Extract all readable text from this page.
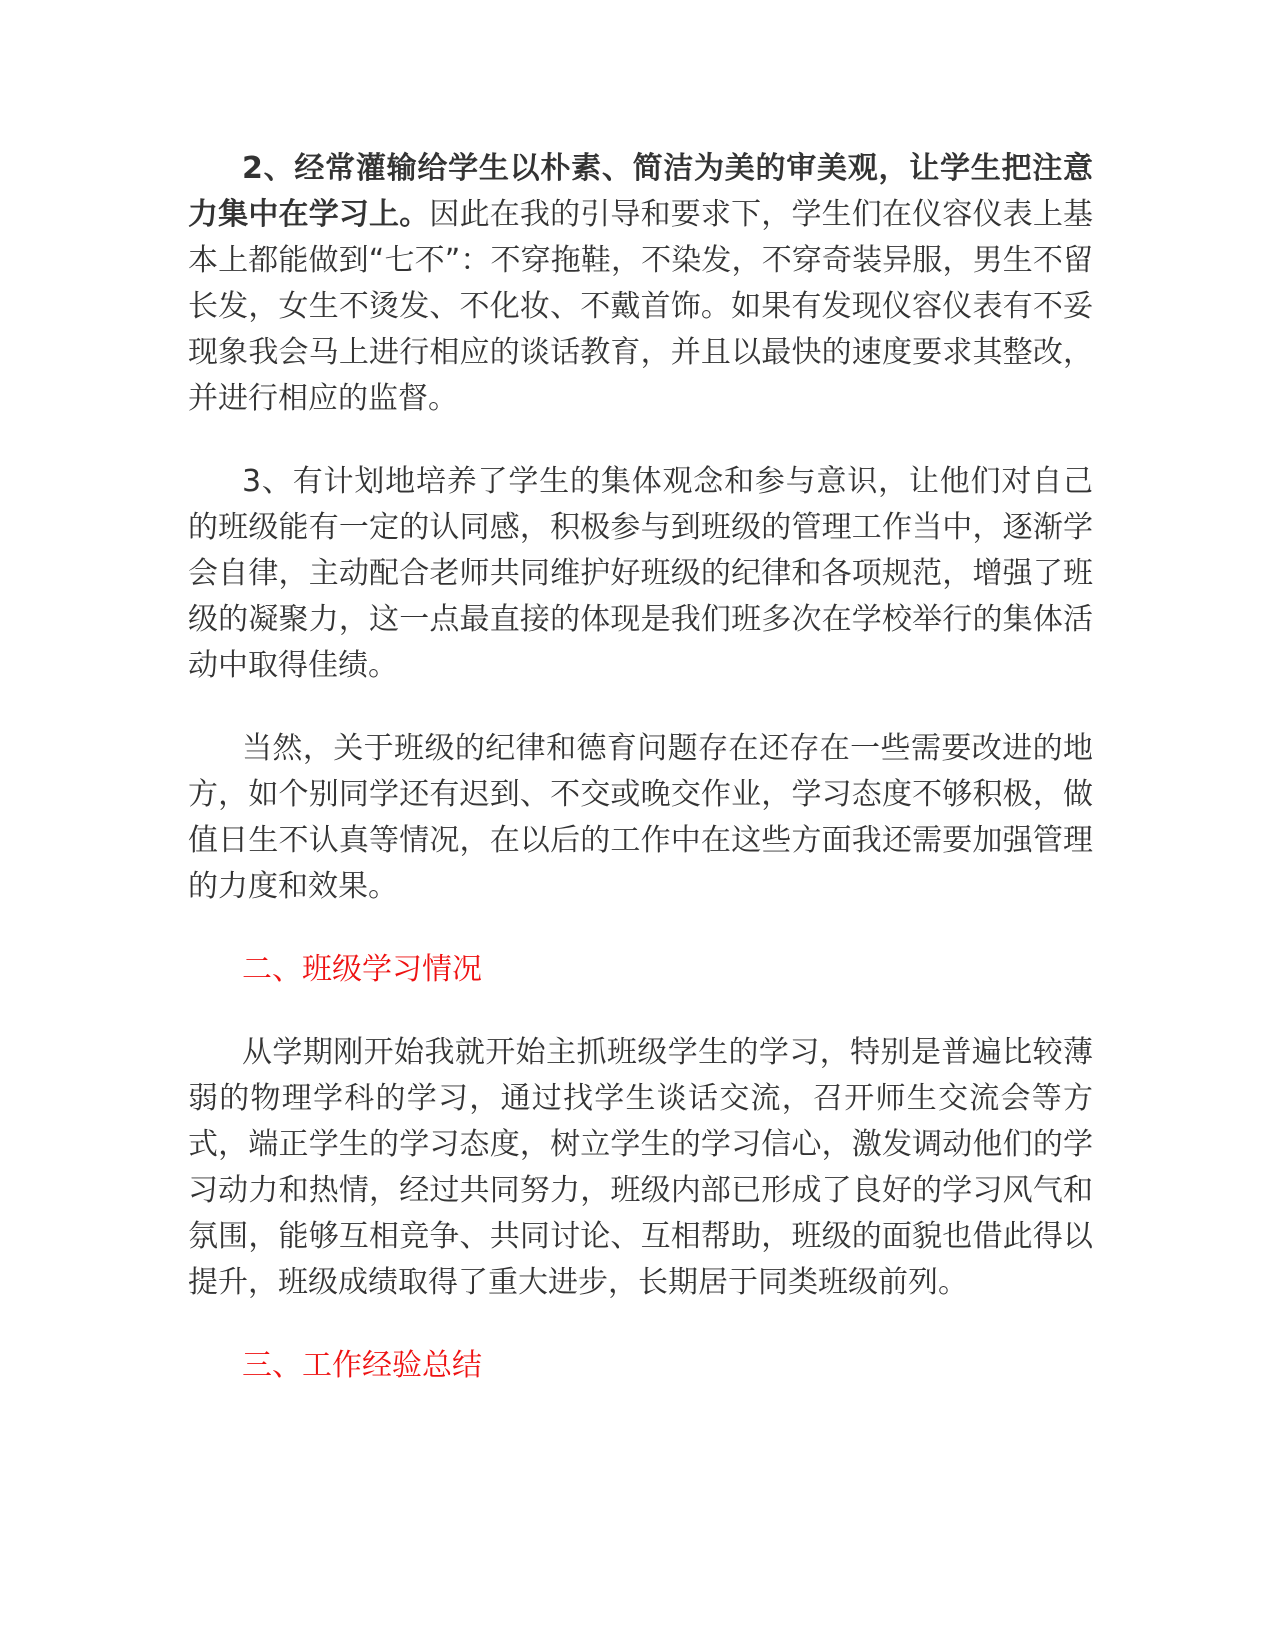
2、经常灌输给学生以朴素、简洁为美的审美观，让学生把注意力集中在学习上。因此在我的引导和要求下，学生们在仪容仪表上基本上都能做到“七不”：不穿拖鞋，不染发，不穿奇装异服，男生不留长发，女生不烫发、不化妆、不戴首饰。如果有发现仪容仪表有不妥现象我会马上进行相应的谈话教育，并且以最快的速度要求其整改，并进行相应的监督。

3、有计划地培养了学生的集体观念和参与意识，让他们对自己的班级能有一定的认同感，积极参与到班级的管理工作当中，逐渐学会自律，主动配合老师共同维护好班级的纪律和各项规范，增强了班级的凝聚力，这一点最直接的体现是我们班多次在学校举行的集体活动中取得佳绩。

当然，关于班级的纪律和德育问题存在还存在一些需要改进的地方，如个别同学还有迟到、不交或晚交作业，学习态度不够积极，做值日生不认真等情况，在以后的工作中在这些方面我还需要加强管理的力度和效果。

二、班级学习情况

从学期刚开始我就开始主抓班级学生的学习，特别是普遍比较薄弱的物理学科的学习，通过找学生谈话交流，召开师生交流会等方式，端正学生的学习态度，树立学生的学习信心，激发调动他们的学习动力和热情，经过共同努力，班级内部已形成了良好的学习风气和氛围，能够互相竞争、共同讨论、互相帮助，班级的面貌也借此得以提升，班级成绩取得了重大进步，长期居于同类班级前列。

三、工作经验总结
